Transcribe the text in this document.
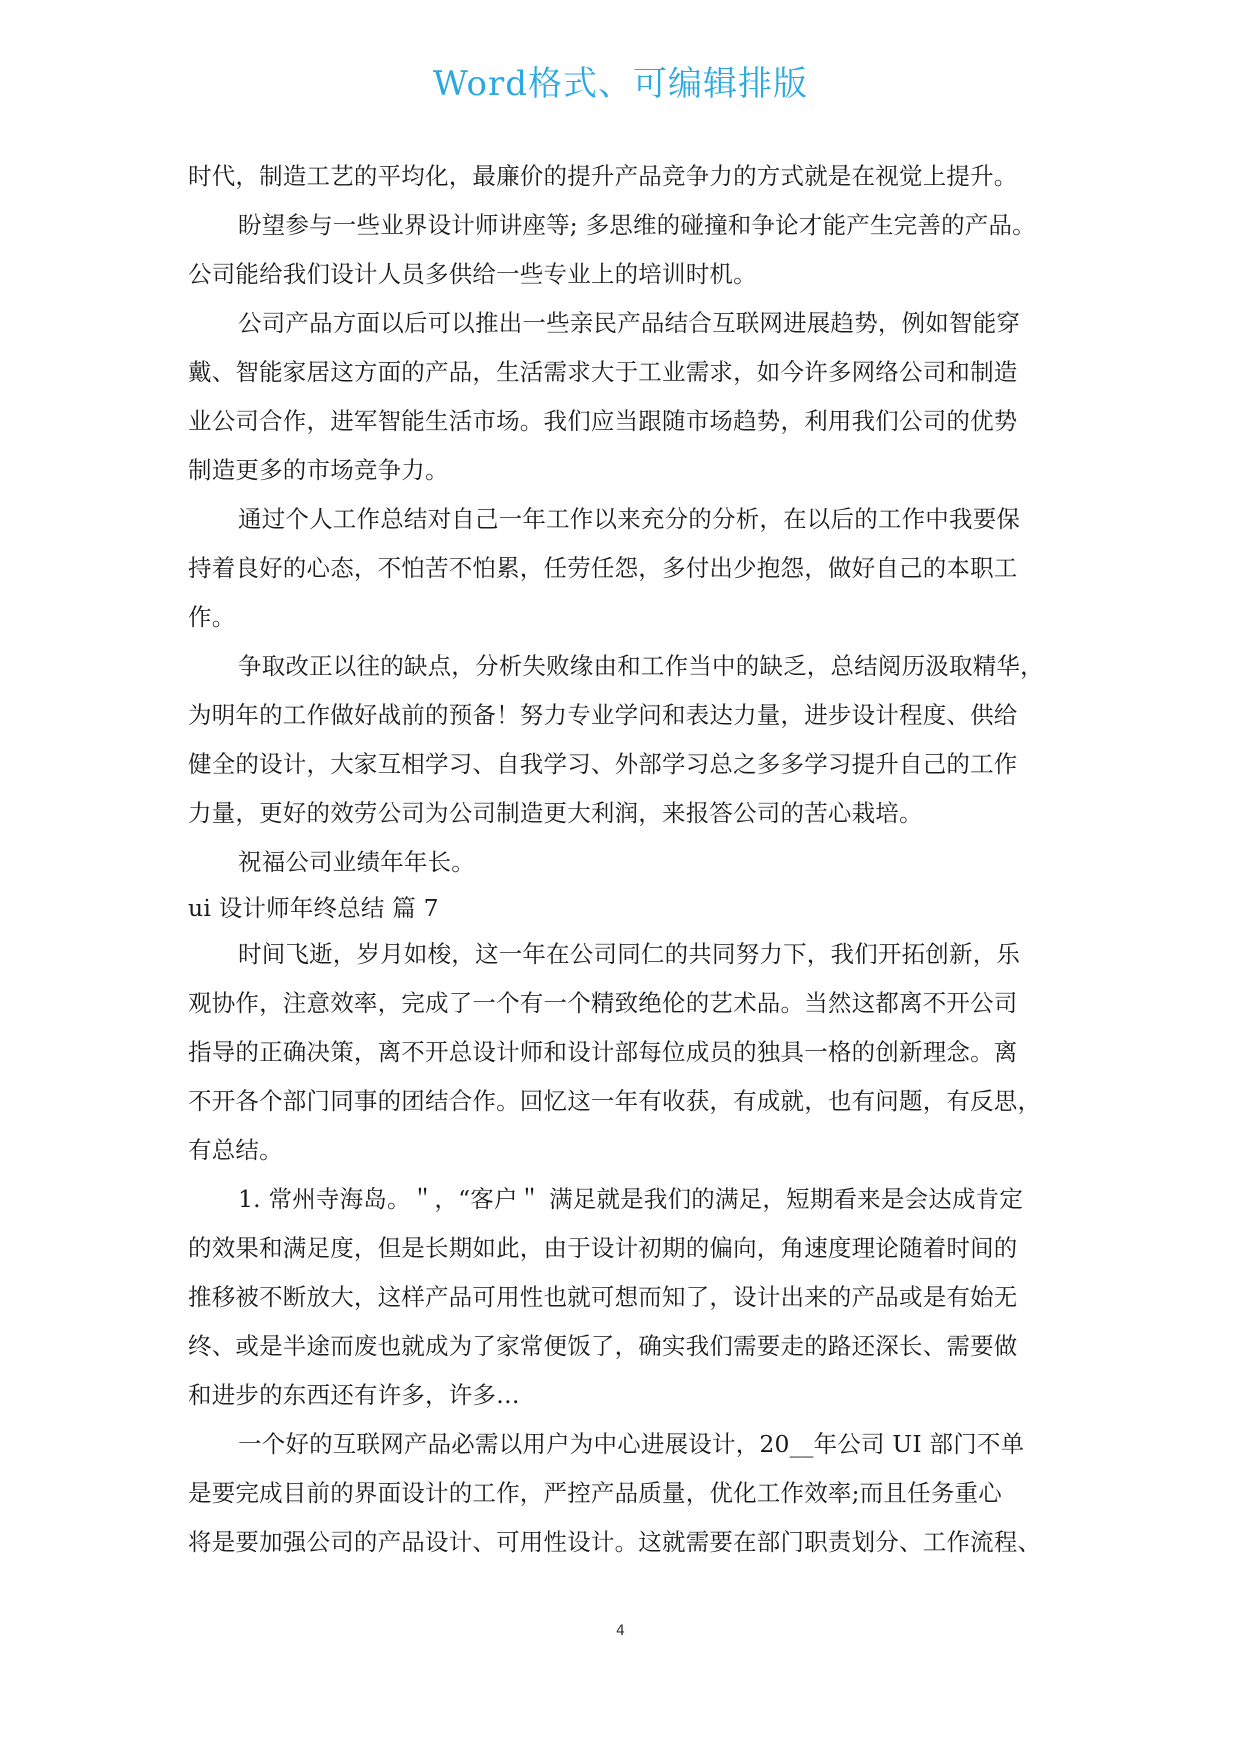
Word格式、可编辑排版
时代，制造工艺的平均化，最廉价的提升产品竞争力的方式就是在视觉上提升。
盼望参与一些业界设计师讲座等; 多思维的碰撞和争论才能产生完善的产品。
公司能给我们设计人员多供给一些专业上的培训时机。
公司产品方面以后可以推出一些亲民产品结合互联网进展趋势，例如智能穿
戴、智能家居这方面的产品，生活需求大于工业需求，如今许多网络公司和制造
业公司合作，进军智能生活市场。我们应当跟随市场趋势，利用我们公司的优势
制造更多的市场竞争力。
通过个人工作总结对自己一年工作以来充分的分析，在以后的工作中我要保
持着良好的心态，不怕苦不怕累，任劳任怨，多付出少抱怨，做好自己的本职工
作。
争取改正以往的缺点，分析失败缘由和工作当中的缺乏，总结阅历汲取精华，
为明年的工作做好战前的预备！努力专业学问和表达力量，进步设计程度、供给
健全的设计，大家互相学习、自我学习、外部学习总之多多学习提升自己的工作
力量，更好的效劳公司为公司制造更大利润，来报答公司的苦心栽培。
祝福公司业绩年年长。
ui 设计师年终总结 篇 7
时间飞逝，岁月如梭，这一年在公司同仁的共同努力下，我们开拓创新，乐
观协作，注意效率，完成了一个有一个精致绝伦的艺术品。当然这都离不开公司
指导的正确决策，离不开总设计师和设计部每位成员的独具一格的创新理念。离
不开各个部门同事的团结合作。回忆这一年有收获，有成就，也有问题，有反思，
有总结。
1. 常州寺海岛。＂，“客户＂ 满足就是我们的满足，短期看来是会达成肯定
的效果和满足度，但是长期如此，由于设计初期的偏向，角速度理论随着时间的
推移被不断放大，这样产品可用性也就可想而知了，设计出来的产品或是有始无
终、或是半途而废也就成为了家常便饭了，确实我们需要走的路还深长、需要做
和进步的东西还有许多，许多…
一个好的互联网产品必需以用户为中心进展设计，20__年公司 UI 部门不单
是要完成目前的界面设计的工作，严控产品质量，优化工作效率;而且任务重心
将是要加强公司的产品设计、可用性设计。这就需要在部门职责划分、工作流程、
4
